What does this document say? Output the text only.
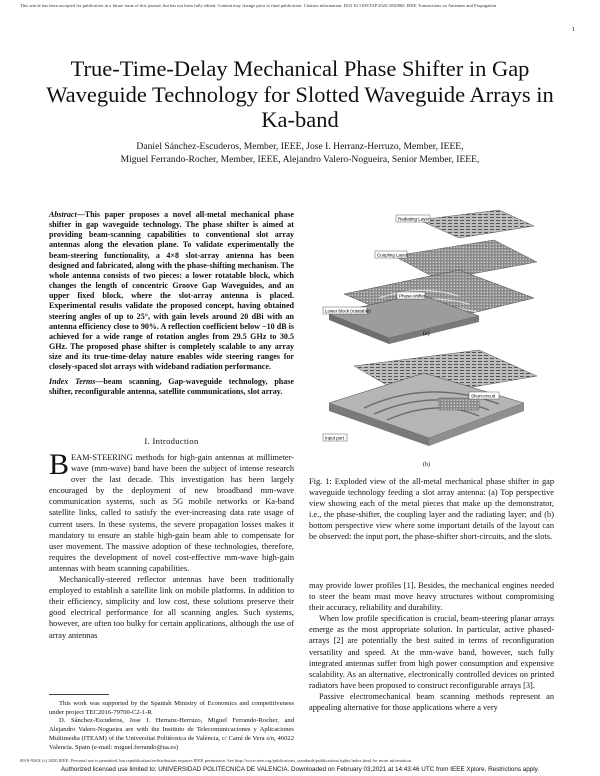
This article has been accepted for publication in a future issue of this journal, but has not been fully edited. Content may change prior to final publication. Citation information: DOI 10.1109/TAP.2020.3030860, IEEE Transactions on Antennas and Propagation
1
True-Time-Delay Mechanical Phase Shifter in Gap Waveguide Technology for Slotted Waveguide Arrays in Ka-band
Daniel Sánchez-Escuderos, Member, IEEE, Jose I. Herranz-Herruzo, Member, IEEE,
Miguel Ferrando-Rocher, Member, IEEE, Alejandro Valero-Nogueira, Senior Member, IEEE,
Abstract—This paper proposes a novel all-metal mechanical phase shifter in gap waveguide technology. The phase shifter is aimed at providing beam-scanning capabilities to conventional slot array antennas along the elevation plane. To validate experimentally the beam-steering functionality, a 4×8 slot-array antenna has been designed and fabricated, along with the phase-shifting mechanism. The whole antenna consists of two pieces: a lower rotatable block, which changes the length of concentric Groove Gap Waveguides, and an upper fixed block, where the slot-array antenna is placed. Experimental results validate the proposed concept, having obtained steering angles of up to 25°, with gain levels around 20 dBi with an antenna efficiency close to 90%. A reflection coefficient below −10 dB is achieved for a wide range of rotation angles from 29.5 GHz to 30.5 GHz. The proposed phase shifter is completely scalable to any array size and its true-time-delay nature enables wide steering ranges for closely-spaced slot arrays with wideband radiation performance.
Index Terms—beam scanning, Gap-waveguide technology, phase shifter, reconfigurable antenna, satellite communications, slot array.
I. Introduction

BEAM-STEERING methods for high-gain antennas at millimeter-wave (mm-wave) band have been the subject of intense research over the last decade. This investigation has been largely encouraged by the deployment of new broadband mm-wave communication systems, such as 5G mobile networks or Ka-band satellite links, called to satisfy the ever-increasing data rate usage of current users. In these systems, the severe propagation losses makes it mandatory to ensure an stable high-gain beam able to compensate for user movement. The massive adoption of these technologies, therefore, requires the development of novel cost-effective mm-wave high-gain antennas with beam scanning capabilities.

Mechanically-steered reflector antennas have been traditionally employed to establish a satellite link on mobile platforms. In addition to their efficiency, simplicity and low cost, these solutions preserve their good electrical performance for all scanning angles. Such systems, however, are often too bulky for certain applications, although the use of array antennas

This work was supported by the Spanish Ministry of Economics and competitiveness under project TEC2016-79700-C2-1-R

D. Sánchez-Escuderos, Jose I. Herranz-Herruzo, Miguel Ferrando-Rocher, and Alejandro Valero-Nogueira are with the Instituto de Telecomunicaciones y Aplicaciones Multimedia (ITEAM) of the Universitat Politècnica de València, c/ Camí de Vera s/n, 46022 Valencia. Spain (e-mail: miguel.ferrando@ua.es)

Radiating Layer
Coupling Layer
Phase-shifter
Lower block (rotatable)
(a)
Short-circuit
Input port
(b)
Fig. 1: Exploded view of the all-metal mechanical phase shifter in gap waveguide technology feeding a slot array antenna: (a) Top perspective view showing each of the metal pieces that make up the demonstrator, i.e., the phase-shifter, the coupling layer and the radiating layer; and (b) bottom perspective view where some important details of the layout can be observed: the input port, the phase-shifter short-circuits, and the slots.

may provide lower profiles [1]. Besides, the mechanical engines needed to steer the beam must move heavy structures without compromising their accuracy, reliability and durability.

When low profile specification is crucial, beam-steering planar arrays emerge as the most appropriate solution. In particular, active phased-arrays [2] are potentially the best suited in terms of reconfiguration versatility and speed. At the mm-wave band, however, such fully integrated antennas suffer from high power consumption and expensive scalability. As an alternative, electronically controlled devices on printed radiators have been proposed to construct reconfigurable arrays [3].

Passive electromechanical beam scanning methods represent an appealing alternative for those applications where a very

0018-926X (c) 2020 IEEE. Personal use is permitted, but republication/redistribution requires IEEE permission. See http://www.ieee.org/publications_standards/publications/rights/index.html for more information.
Authorized licensed use limited to: UNIVERSIDAD POLITECNICA DE VALENCIA. Downloaded on February 03,2021 at 14:43:46 UTC from IEEE Xplore. Restrictions apply.
